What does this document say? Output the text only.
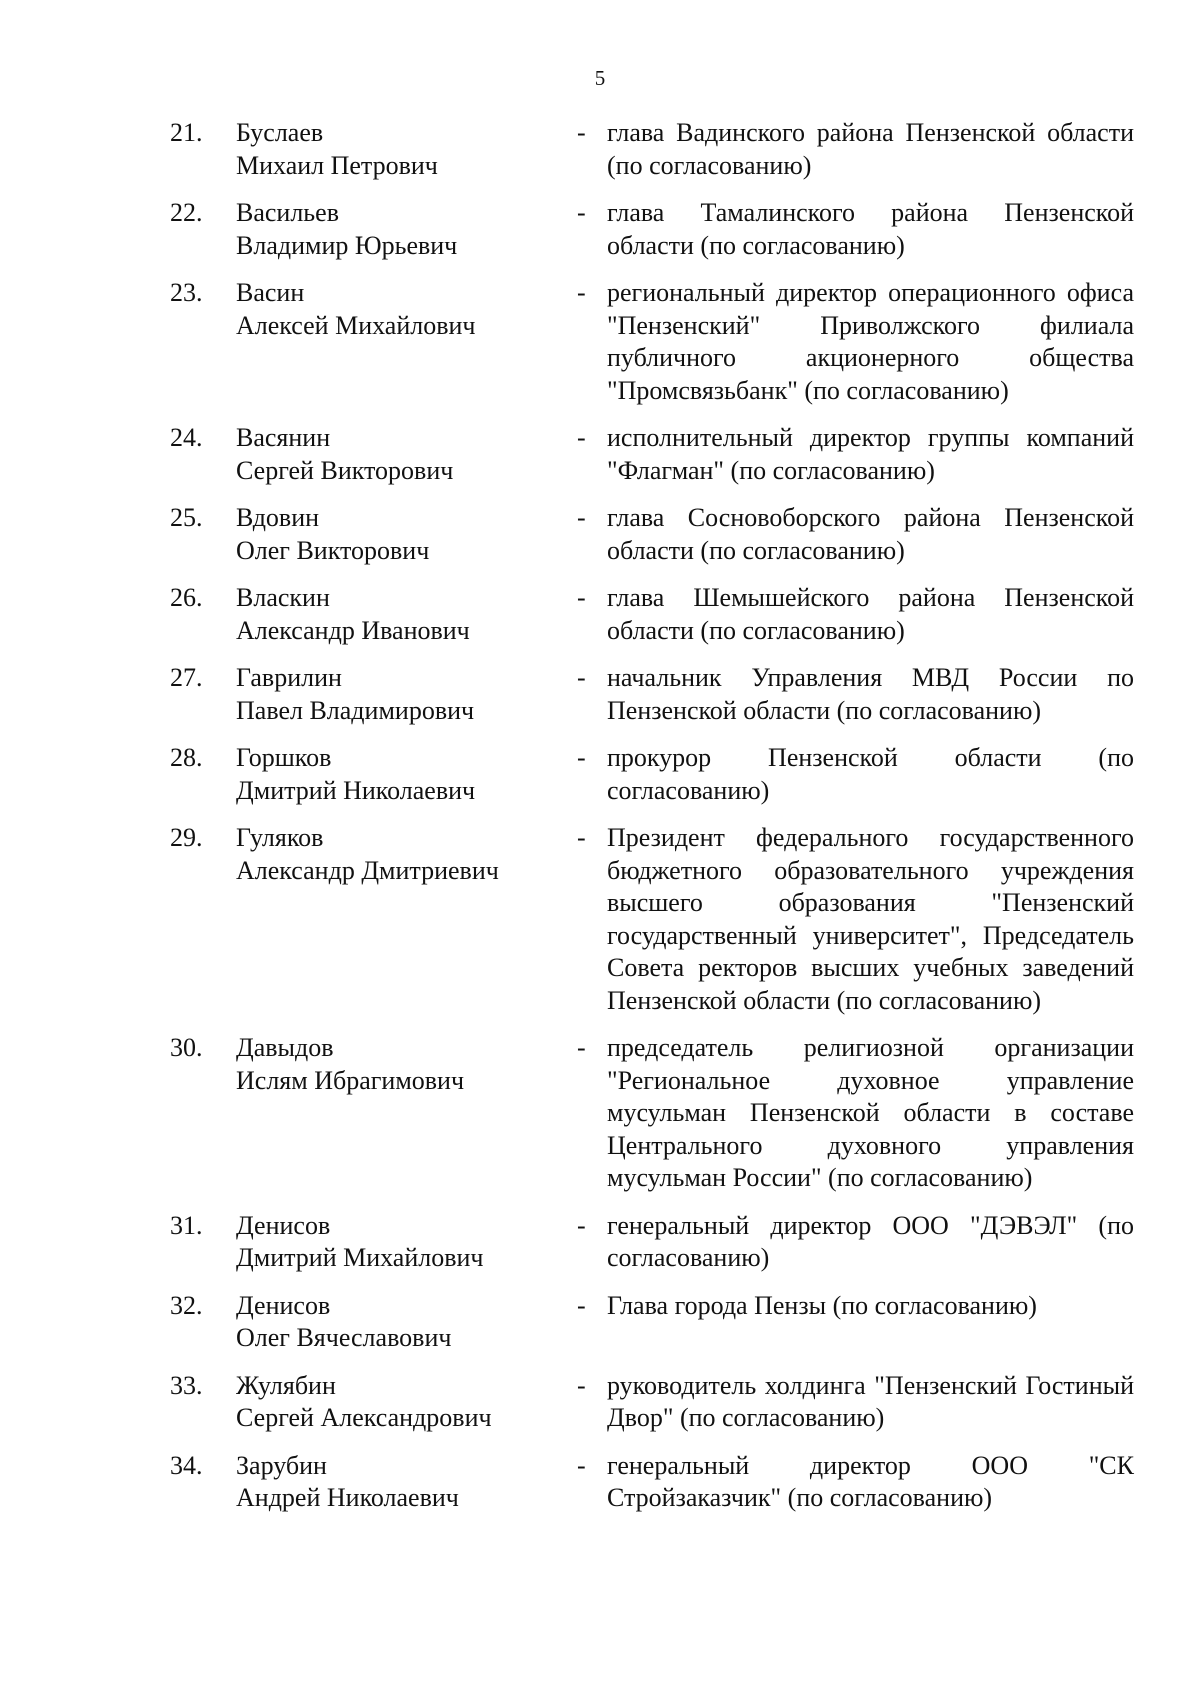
5
21. Буслаев
Михаил Петрович
- глава Вадинского района Пензенской области (по согласованию)
22. Васильев
Владимир Юрьевич
- глава Тамалинского района Пензенской области (по согласованию)
23. Васин
Алексей Михайлович
- региональный директор операционного офиса "Пензенский" Приволжского филиала публичного акционерного общества "Промсвязьбанк" (по согласованию)
24. Васянин
Сергей Викторович
- исполнительный директор группы компаний "Флагман" (по согласованию)
25. Вдовин
Олег Викторович
- глава Сосновоборского района Пензенской области (по согласованию)
26. Власкин
Александр Иванович
- глава Шемышейского района Пензенской области (по согласованию)
27. Гаврилин
Павел Владимирович
- начальник Управления МВД России по Пензенской области (по согласованию)
28. Горшков
Дмитрий Николаевич
- прокурор Пензенской области (по согласованию)
29. Гуляков
Александр Дмитриевич
- Президент федерального государственного бюджетного образовательного учреждения высшего образования "Пензенский государственный университет", Председатель Совета ректоров высших учебных заведений Пензенской области (по согласованию)
30. Давыдов
Ислям Ибрагимович
- председатель религиозной организации "Региональное духовное управление мусульман Пензенской области в составе Центрального духовного управления мусульман России" (по согласованию)
31. Денисов
Дмитрий Михайлович
- генеральный директор ООО "ДЭВЭЛ" (по согласованию)
32. Денисов
Олег Вячеславович
- Глава города Пензы (по согласованию)
33. Жулябин
Сергей Александрович
- руководитель холдинга "Пензенский Гостиный Двор" (по согласованию)
34. Зарубин
Андрей Николаевич
- генеральный директор ООО "СК Стройзаказчик" (по согласованию)
